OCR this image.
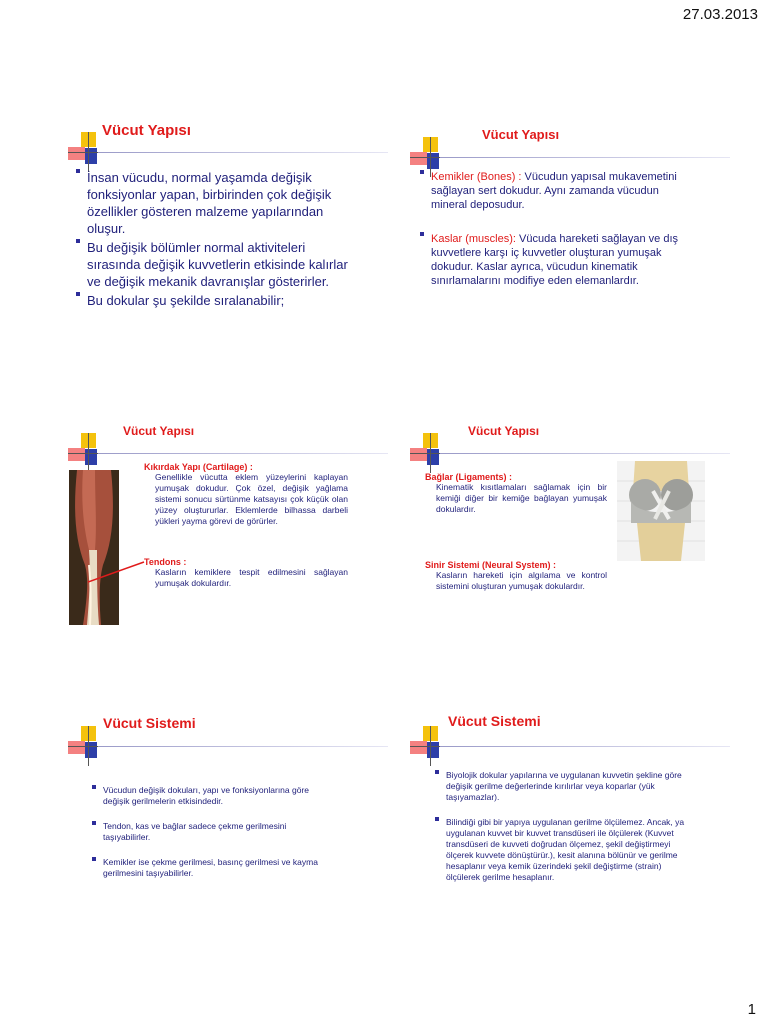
27.03.2013
Vücut Yapısı
İnsan vücudu, normal yaşamda değişik fonksiyonlar yapan, birbirinden çok değişik özellikler gösteren malzeme yapılarından oluşur.
Bu değişik bölümler normal aktiviteleri sırasında değişik kuvvetlerin etkisinde kalırlar ve değişik mekanik davranışlar gösterirler.
Bu dokular şu şekilde sıralanabilir;
Vücut Yapısı
Kemikler (Bones) : Vücudun yapısal mukavemetini sağlayan sert dokudur. Aynı zamanda vücudun mineral deposudur.
Kaslar (muscles): Vücuda hareketi sağlayan ve dış kuvvetlere karşı iç kuvvetler oluşturan yumuşak dokudur. Kaslar ayrıca, vücudun kinematik sınırlamalarını modifiye eden elemanlardır.
Vücut Yapısı
Kıkırdak Yapı (Cartilage) :
Genellikle vücutta eklem yüzeylerini kaplayan yumuşak dokudur. Çok özel, değişik yağlama sistemi sonucu sürtünme katsayısı çok küçük olan yüzey oluştururlar. Eklemlerde bilhassa darbeli yükleri yayma görevi de görürler.
Tendons :
Kasların kemiklere tespit edilmesini sağlayan yumuşak dokulardır.
Vücut Yapısı
Bağlar (Ligaments) :
Kinematik kısıtlamaları sağlamak için bir kemiği diğer bir kemiğe bağlayan yumuşak dokulardır.
Sinir Sistemi (Neural System) :
Kasların hareketi için algılama ve kontrol sistemini oluşturan yumuşak dokulardır.
Vücut Sistemi
Vücudun değişik dokuları, yapı ve fonksiyonlarına göre değişik gerilmelerin etkisindedir.
Tendon, kas ve bağlar sadece çekme gerilmesini taşıyabilirler.
Kemikler ise çekme gerilmesi, basınç gerilmesi ve kayma gerilmesini taşıyabilirler.
Vücut Sistemi
Biyolojik dokular yapılarına ve uygulanan kuvvetin şekline göre değişik gerilme değerlerinde kırılırlar veya koparlar (yük taşıyamazlar).
Bilindiği gibi bir yapıya uygulanan gerilme ölçülemez. Ancak, ya uygulanan kuvvet bir kuvvet transdüseri ile ölçülerek (Kuvvet transdüseri de kuvveti doğrudan ölçemez, şekil değiştirmeyi ölçerek kuvvete dönüştürür.), kesit alanına bölünür ve gerilme hesaplanır veya kemik üzerindeki şekil değiştirme (strain) ölçülerek gerilme hesaplanır.
1
